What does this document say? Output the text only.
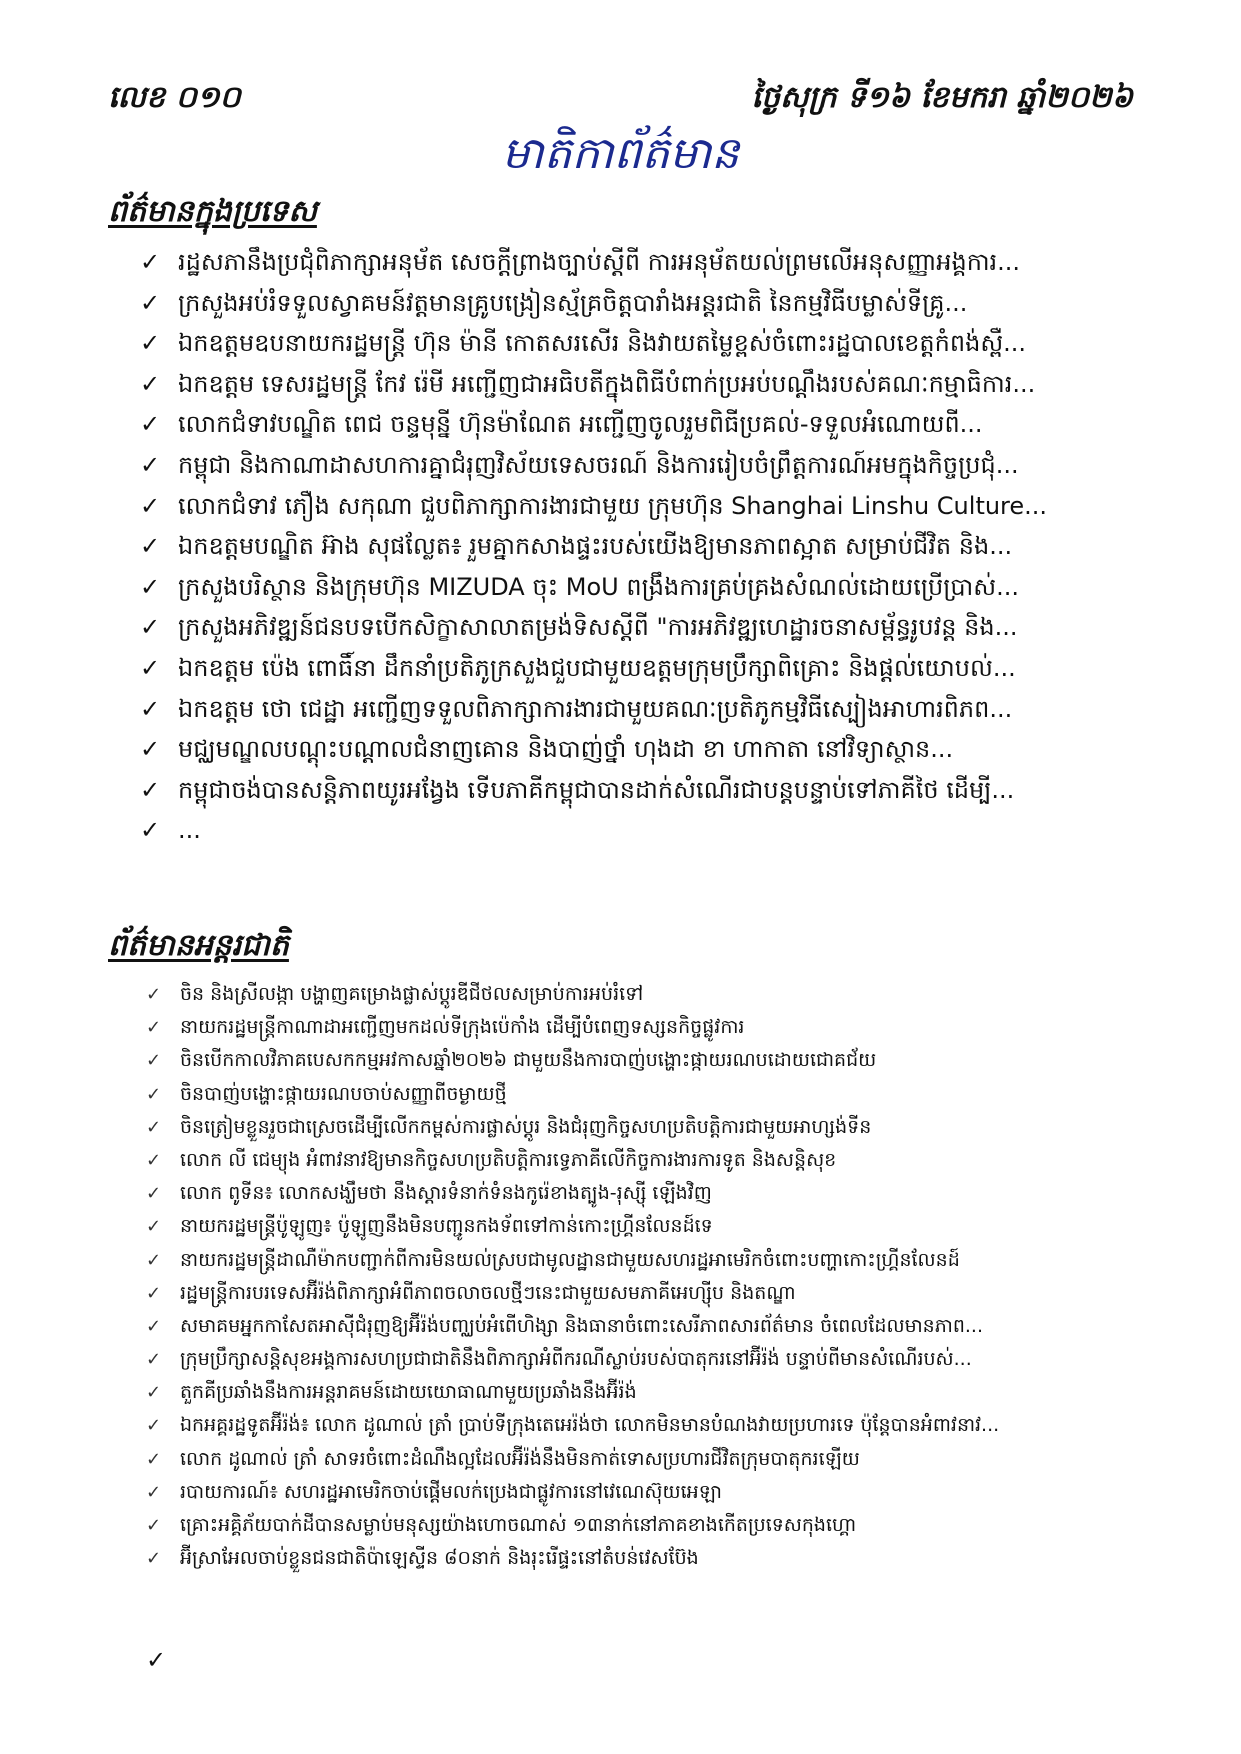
លេខ ០១០	ថ្ងៃសុក្រ ទី១៦ ខែមករា ឆ្នាំ២០២៦
មាតិកាព័ត៌មាន
ព័ត៌មានក្នុងប្រទេស
✓ រដ្ឋសភានឹងប្រជុំពិភាក្សាអនុម័ត សេចក្ដីព្រាងច្បាប់ស្ដីពី ការអនុម័តយល់ព្រមលើអនុសញ្ញាអង្គការ...
✓ ក្រសួងអប់រំទទួលស្វាគមន៍វត្តមានគ្រូបង្រៀនស្ម័គ្រចិត្តបារាំងអន្តរជាតិ នៃកម្មវិធីបម្លាស់ទីគ្រូ...
✓ ឯកឧត្តមឧបនាយករដ្ឋមន្ត្រី ហ៊ុន ម៉ានី កោតសរសើរ និងវាយតម្លៃខ្ពស់ចំពោះរដ្ឋបាលខេត្តកំពង់ស្ពឺ...
✓ ឯកឧត្តម ទេសរដ្ឋមន្ត្រី កែវ រ៉េមី អញ្ជើញជាអធិបតីក្នុងពិធីបំពាក់ប្រអប់បណ្ដឹងរបស់គណៈកម្មាធិការ...
✓ លោកជំទាវបណ្ឌិត ពេជ ចន្ទមុន្នី ហ៊ុនម៉ាណែត អញ្ជើញចូលរួមពិធីប្រគល់-ទទួលអំណោយពី...
✓ កម្ពុជា និងកាណាដាសហការគ្នាជំរុញវិស័យទេសចរណ៍ និងការរៀបចំព្រឹត្តការណ៍អមក្នុងកិច្ចប្រជុំ...
✓ លោកជំទាវ ភឿង សកុណា ជួបពិភាក្សាការងារជាមួយ ក្រុមហ៊ុន Shanghai Linshu Culture...
✓ ឯកឧត្តមបណ្ឌិត អ៊ាង សុផល្លែត៖ រួមគ្នាកសាងផ្ទះរបស់យើងឱ្យមានភាពស្អាត សម្រាប់ជីវិត និង...
✓ ក្រសួងបរិស្ថាន និងក្រុមហ៊ុន MIZUDA ចុះ MoU ពង្រឹងការគ្រប់គ្រងសំណល់ដោយប្រើប្រាស់...
✓ ក្រសួងអភិវឌ្ឍន៍ជនបទបើកសិក្ខាសាលាតម្រង់ទិសស្ដីពី "ការអភិវឌ្ឍហេដ្ឋារចនាសម្ព័ន្ធរូបវន្ត និង...
✓ ឯកឧត្តម ប៉េង ពោធិ៍នា ដឹកនាំប្រតិភូក្រសួងជួបជាមួយឧត្តមក្រុមប្រឹក្សាពិគ្រោះ និងផ្ដល់យោបល់...
✓ ឯកឧត្តម ថោ ជេដ្ឋា អញ្ជើញទទួលពិភាក្សាការងារជាមួយគណៈប្រតិភូកម្មវិធីស្បៀងអាហារពិភព...
✓ មជ្ឈមណ្ឌលបណ្តុះបណ្តាលជំនាញគោន និងបាញ់ថ្នាំ ហុងដា ខា ហាកាតា នៅវិទ្យាស្ថាន...
✓ កម្ពុជាចង់បានសន្តិភាពយូរអង្វែង ទើបភាគីកម្ពុជាបានដាក់សំណើរជាបន្តបន្ទាប់ទៅភាគីថៃ ដើម្បី...
✓ ...
ព័ត៌មានអន្តរជាតិ
✓ ចិន និងស្រីលង្កា បង្ហាញគម្រោងផ្លាស់ប្តូរឌីជីថលសម្រាប់ការអប់រំទៅ
✓ នាយករដ្ឋមន្ត្រីកាណាដាអញ្ជើញមកដល់ទីក្រុងប៉េកាំង ដើម្បីបំពេញទស្សនកិច្ចផ្លូវការ
✓ ចិនបើកកាលវិភាគបេសកកម្មអវកាសឆ្នាំ២០២៦ ជាមួយនឹងការបាញ់បង្ហោះផ្កាយរណបដោយជោគជ័យ
✓ ចិនបាញ់បង្ហោះផ្កាយរណបចាប់សញ្ញាពីចម្ងាយថ្មី
✓ ចិនត្រៀមខ្លួនរួចជាស្រេចដើម្បីលើកកម្ពស់ការផ្លាស់ប្តូរ និងជំរុញកិច្ចសហប្រតិបត្តិការជាមួយអាហ្សង់ទីន
✓ លោក លី ជេម្យុង អំពាវនាវឱ្យមានកិច្ចសហប្រតិបត្តិការទ្វេភាគីលើកិច្ចការងារការទូត និងសន្តិសុខ
✓ លោក ពូទីន៖ លោកសង្ឃឹមថា នឹងស្តារទំនាក់ទំនងកូរ៉េខាងត្បូង-រុស្ស៊ី ឡើងវិញ
✓ នាយករដ្ឋមន្ត្រីប៉ូឡូញ៖ ប៉ូឡូញនឹងមិនបញ្ជូនកងទ័ពទៅកាន់កោះហ្គ្រីនលែនដ៍ទេ
✓ នាយករដ្ឋមន្ត្រីដាណឺម៉ាកបញ្ជាក់ពីការមិនយល់ស្របជាមូលដ្ឋានជាមួយសហរដ្ឋអាមេរិកចំពោះបញ្ហាកោះហ្គ្រីនលែនដ៍
✓ រដ្ឋមន្ត្រីការបរទេសអ៊ីរ៉ង់ពិភាក្សាអំពីភាពចលាចលថ្មីៗនេះជាមួយសមភាគីអេហ្ស៊ីប និងតណ្ឌា
✓ សមាគមអ្នកកាសែតអាស៊ីជំរុញឱ្យអ៊ីរ៉ង់បញ្ឈប់អំពើហិង្សា និងធានាចំពោះសេរីភាពសារព័ត៌មាន ចំពេលដែលមានភាព...
✓ ក្រុមប្រឹក្សាសន្តិសុខអង្គការសហប្រជាជាតិនឹងពិភាក្សាអំពីករណីស្លាប់របស់បាតុករនៅអ៊ីរ៉ង់ បន្ទាប់ពីមានសំណើរបស់...
✓ តួកគីប្រឆាំងនឹងការអន្តរាគមន៍ដោយយោធាណាមួយប្រឆាំងនឹងអ៊ីរ៉ង់
✓ ឯកអគ្គរដ្ឋទូតអ៊ីរ៉ង់៖ លោក ដូណាល់ ត្រាំ ប្រាប់ទីក្រុងតេអេរ៉ង់ថា លោកមិនមានបំណងវាយប្រហារទេ ប៉ុន្តែបានអំពាវនាវ...
✓ លោក ដូណាល់ ត្រាំ សាទរចំពោះដំណឹងល្អដែលអ៊ីរ៉ង់នឹងមិនកាត់ទោសប្រហារជីវិតក្រុមបាតុករឡើយ
✓ របាយការណ៍៖ សហរដ្ឋអាមេរិកចាប់ផ្តើមលក់ប្រេងជាផ្លូវការនៅវេណេស៊ុយអេឡា
✓ គ្រោះអគ្គិភ័យបាក់ដីបានសម្លាប់មនុស្សយ៉ាងហោចណាស់ ១៣នាក់នៅភាគខាងកើតប្រទេសកុងហ្គោ
✓ អ៊ីស្រាអែលចាប់ខ្លួនជនជាតិប៉ាឡេស្ទីន ៨០នាក់ និងរុះរើផ្ទះនៅតំបន់វេសប៊ែង
✓
